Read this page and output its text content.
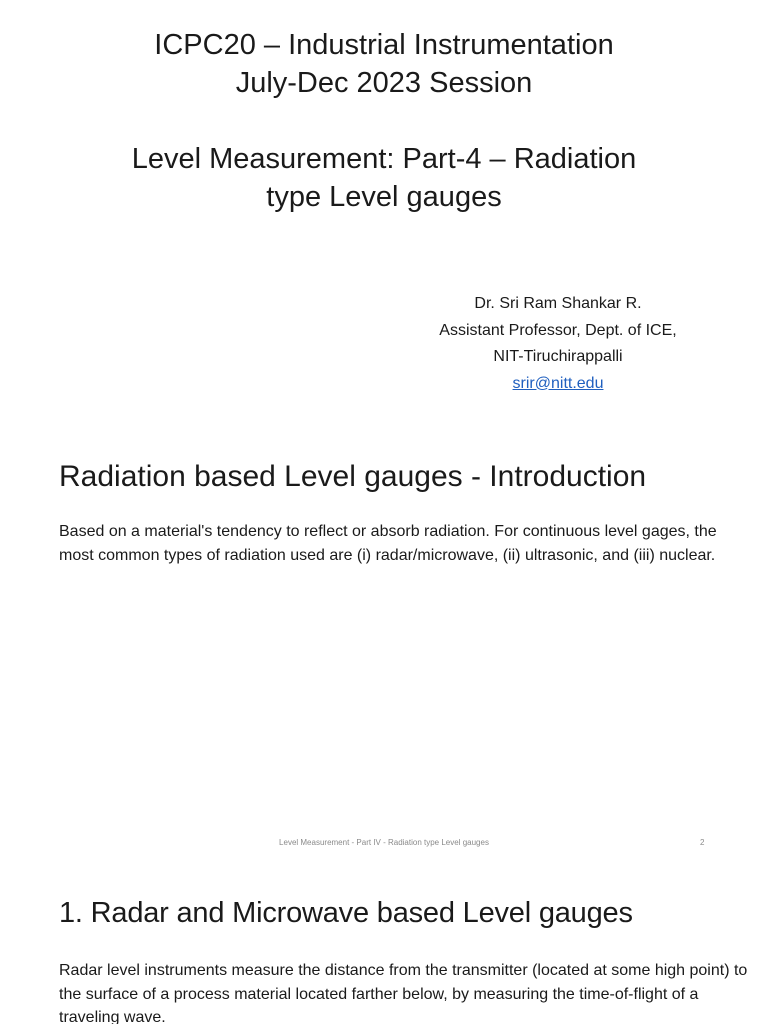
ICPC20 – Industrial Instrumentation
July-Dec 2023 Session
Level Measurement: Part-4 – Radiation
type Level gauges
Dr. Sri Ram Shankar R.
Assistant Professor, Dept. of ICE,
NIT-Tiruchirappalli
srir@nitt.edu
Radiation based Level gauges - Introduction
Based on a material's tendency to reflect or absorb radiation. For continuous level gages, the most common types of radiation used are (i) radar/microwave, (ii) ultrasonic, and (iii) nuclear.
Level Measurement - Part IV - Radiation type Level gauges	2
1. Radar and Microwave based Level gauges
Radar level instruments measure the distance from the transmitter (located at some high point) to the surface of a process material located farther below, by measuring the time-of-flight of a traveling wave.
